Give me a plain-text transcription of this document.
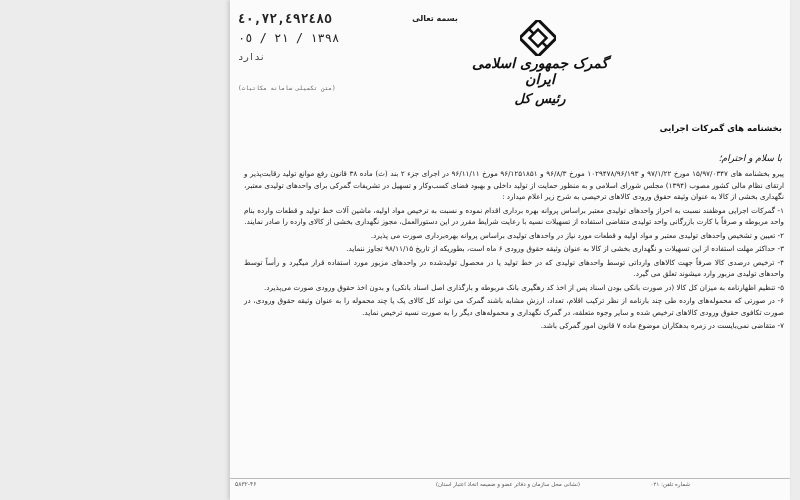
٤٠,٧٢,٤٩٢٤٨٥
١٣٩٨ / ٢١ / ٠٥
ندارد
(متن تکمیلی سامانه مکاتبات)
بسمه تعالی
گمرک جمهوری اسلامی ایران
رئیس کل
بخشنامه های گمرکات اجرایی
با سلام و احترام؛

پیرو بخشنامه های ۱۵/۹۷/۰۳۴۷ مورخ ۹۷/۱/۲۲ و ۱۰۲۹۴۷۸/۹۶/۱۹۳ مورخ ۹۶/۸/۳ و ۹۶/۱۲۵۱۸۵۱ مورخ ۹۶/۱۱/۱۱ در اجرای جزء ۲ بند (ث) ماده ۳۸ قانون رفع موانع تولید رقابت‌پذیر و ارتقای نظام مالی کشور مصوب (۱۳۹۴) مجلس شورای اسلامی و به منظور حمایت از تولید داخلی و بهبود فضای کسب‌وکار و تسهیل در تشریفات گمرکی برای واحدهای تولیدی معتبر، نگهداری بخشی از کالا به عنوان وثیقه حقوق ورودی کالاهای ترخیصی به شرح زیر اعلام میدارد :

۱- گمرکات اجرایی موظفند نسبت به احراز واحدهای تولیدی معتبر براساس پروانه بهره برداری اقدام نموده و نسبت به ترخیص مواد اولیه، ماشین آلات خط تولید و قطعات وارده بنام واحد مربوطه و صرفاً با کارت بازرگانی واحد تولیدی متقاضی استفاده از تسهیلات نسیه با رعایت شرایط مقرر در این دستورالعمل، مجوز نگهداری بخشی از کالای وارده را صادر نمایند.

۲- تعیین و تشخیص واحدهای تولیدی معتبر و مواد اولیه و قطعات مورد نیاز در واحدهای تولیدی براساس پروانه بهره‌برداری صورت می پذیرد.

۳- حداکثر مهلت استفاده از این تسهیلات و نگهداری بخشی از کالا به عنوان وثیقه حقوق ورودی ۶ ماه است، بطوریکه از تاریخ ۹۸/۱۱/۱۵ تجاوز ننماید.

۴- ترخیص درصدی کالا صرفاً جهت کالاهای وارداتی توسط واحدهای تولیدی که در خط تولید یا در محصول تولیدشده در واحدهای مزبور مورد استفاده قرار میگیرد و رأساً توسط واحدهای تولیدی مزبور وارد میشوند تعلق می گیرد.

۵- تنظیم اظهارنامه به میزان کل کالا (در صورت بانکی بودن اسناد پس از اخذ کد رهگیری بانک مربوطه و بارگذاری اصل اسناد بانکی) و بدون اخذ حقوق ورودی صورت می‌پذیرد.

۶- در صورتی که محموله‌های وارده طی چند بارنامه از نظر ترکیب اقلام، تعداد، ارزش مشابه باشند گمرک می تواند کل کالای یک یا چند محموله را به عنوان وثیقه حقوق ورودی، در صورت تکافوی حقوق ورودی کالاهای ترخیص شده و سایر وجوه متعلقه، در گمرک نگهداری و محموله‌های دیگر را به صورت نسیه ترخیص نماید.

۷- متقاضی نمی‌بایست در زمره بدهکاران موضوع ماده ۷ قانون امور گمرکی باشد.

(نشانی محل سازمان و دفاتر عضو و ضمیمه اتخاذ اعتبار استان)	شماره تلفن: ۰۲۱
۵۸۳۲-۴۶
